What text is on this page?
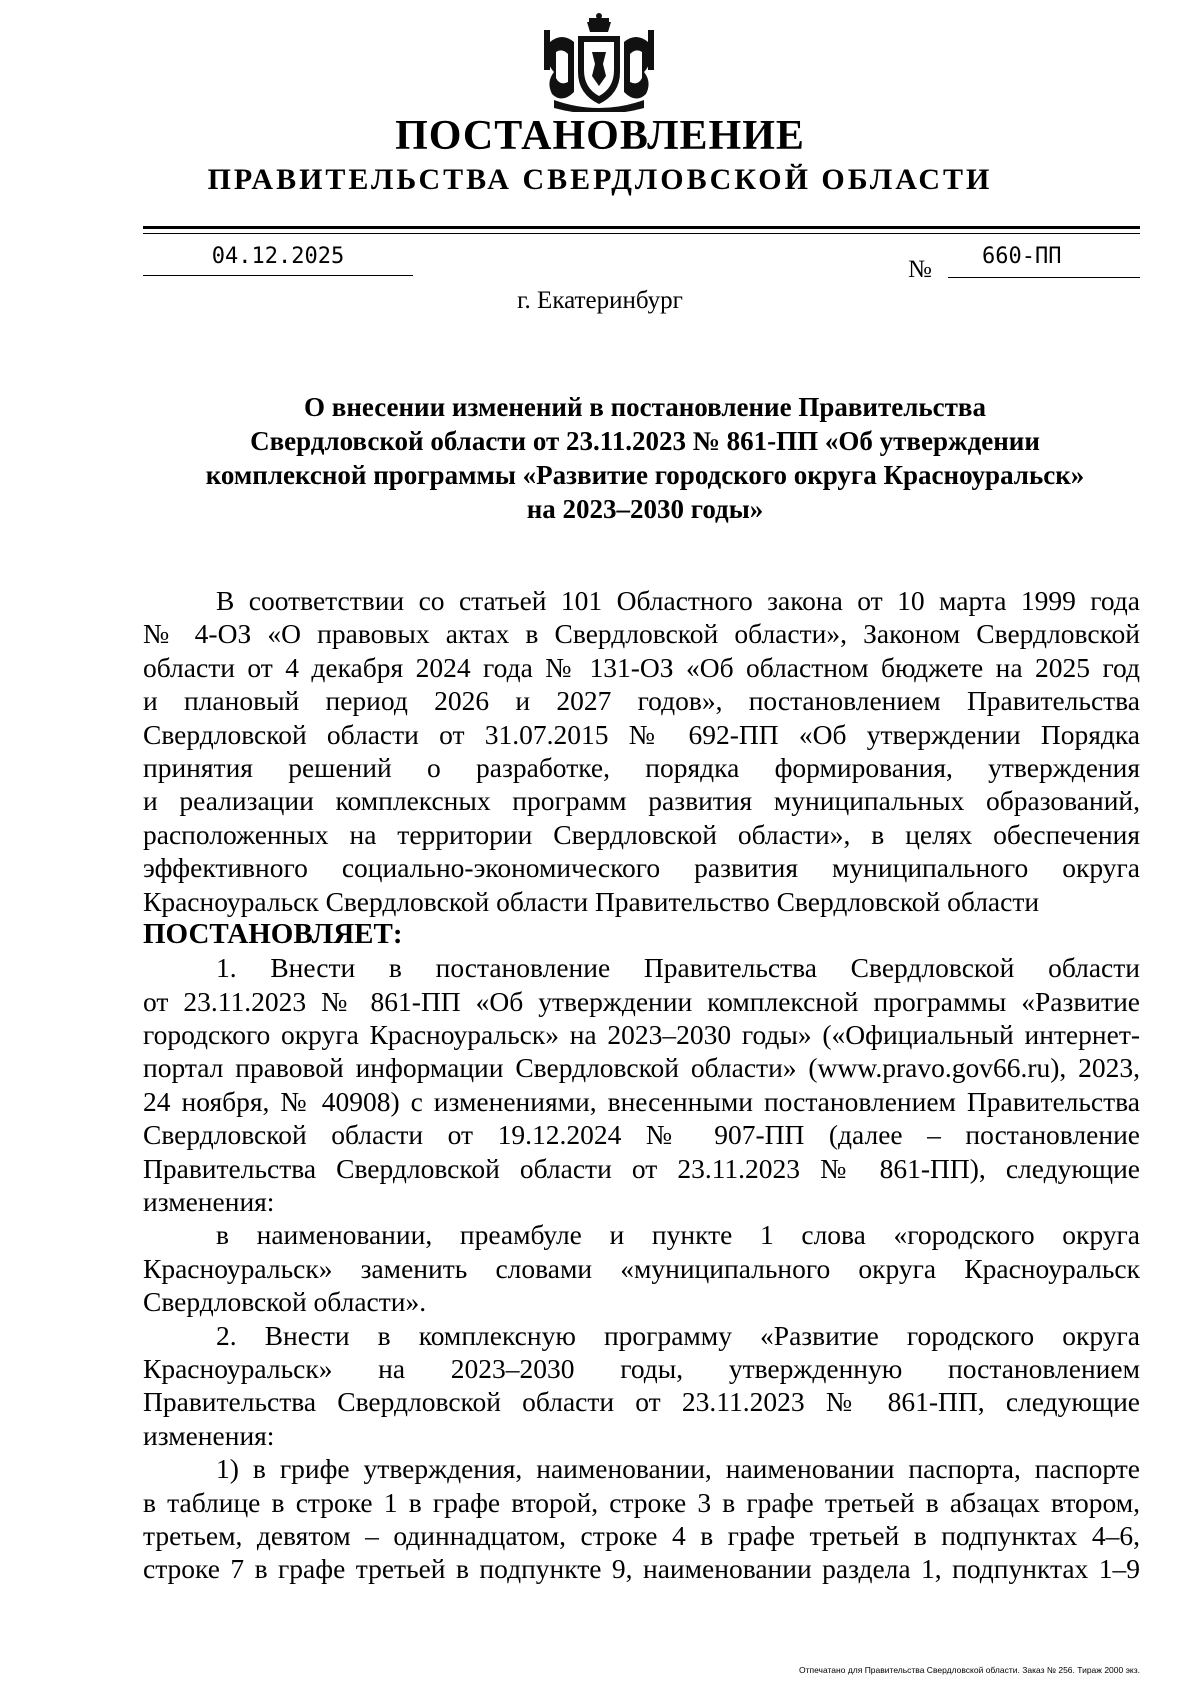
ПОСТАНОВЛЕНИЕ
ПРАВИТЕЛЬСТВА СВЕРДЛОВСКОЙ ОБЛАСТИ
04.12.2025	№	660-ПП
г. Екатеринбург
О внесении изменений в постановление Правительства
Свердловской области от 23.11.2023 № 861-ПП «Об утверждении
комплексной программы «Развитие городского округа Красноуральск»
на 2023–2030 годы»
В соответствии со статьей 101 Областного закона от 10 марта 1999 года
№ 4-ОЗ «О правовых актах в Свердловской области», Законом Свердловской
области от 4 декабря 2024 года № 131-ОЗ «Об областном бюджете на 2025 год
и плановый период 2026 и 2027 годов», постановлением Правительства
Свердловской области от 31.07.2015 № 692-ПП «Об утверждении Порядка
принятия решений о разработке, порядка формирования, утверждения
и реализации комплексных программ развития муниципальных образований,
расположенных на территории Свердловской области», в целях обеспечения
эффективного социально-экономического развития муниципального округа
Красноуральск Свердловской области Правительство Свердловской области
ПОСТАНОВЛЯЕТ:
1. Внести в постановление Правительства Свердловской области
от 23.11.2023 № 861-ПП «Об утверждении комплексной программы «Развитие
городского округа Красноуральск» на 2023–2030 годы» («Официальный интернет-
портал правовой информации Свердловской области» (www.pravo.gov66.ru), 2023,
24 ноября, № 40908) с изменениями, внесенными постановлением Правительства
Свердловской области от 19.12.2024 № 907-ПП (далее – постановление
Правительства Свердловской области от 23.11.2023 № 861-ПП), следующие
изменения:
в наименовании, преамбуле и пункте 1 слова «городского округа
Красноуральск» заменить словами «муниципального округа Красноуральск
Свердловской области».
2. Внести в комплексную программу «Развитие городского округа
Красноуральск» на 2023–2030 годы, утвержденную постановлением
Правительства Свердловской области от 23.11.2023 № 861-ПП, следующие
изменения:
1) в грифе утверждения, наименовании, наименовании паспорта, паспорте
в таблице в строке 1 в графе второй, строке 3 в графе третьей в абзацах втором,
третьем, девятом – одиннадцатом, строке 4 в графе третьей в подпунктах 4–6,
строке 7 в графе третьей в подпункте 9, наименовании раздела 1, подпунктах 1–9
Отпечатано для Правительства Свердловской области. Заказ № 256. Тираж 2000 экз.
